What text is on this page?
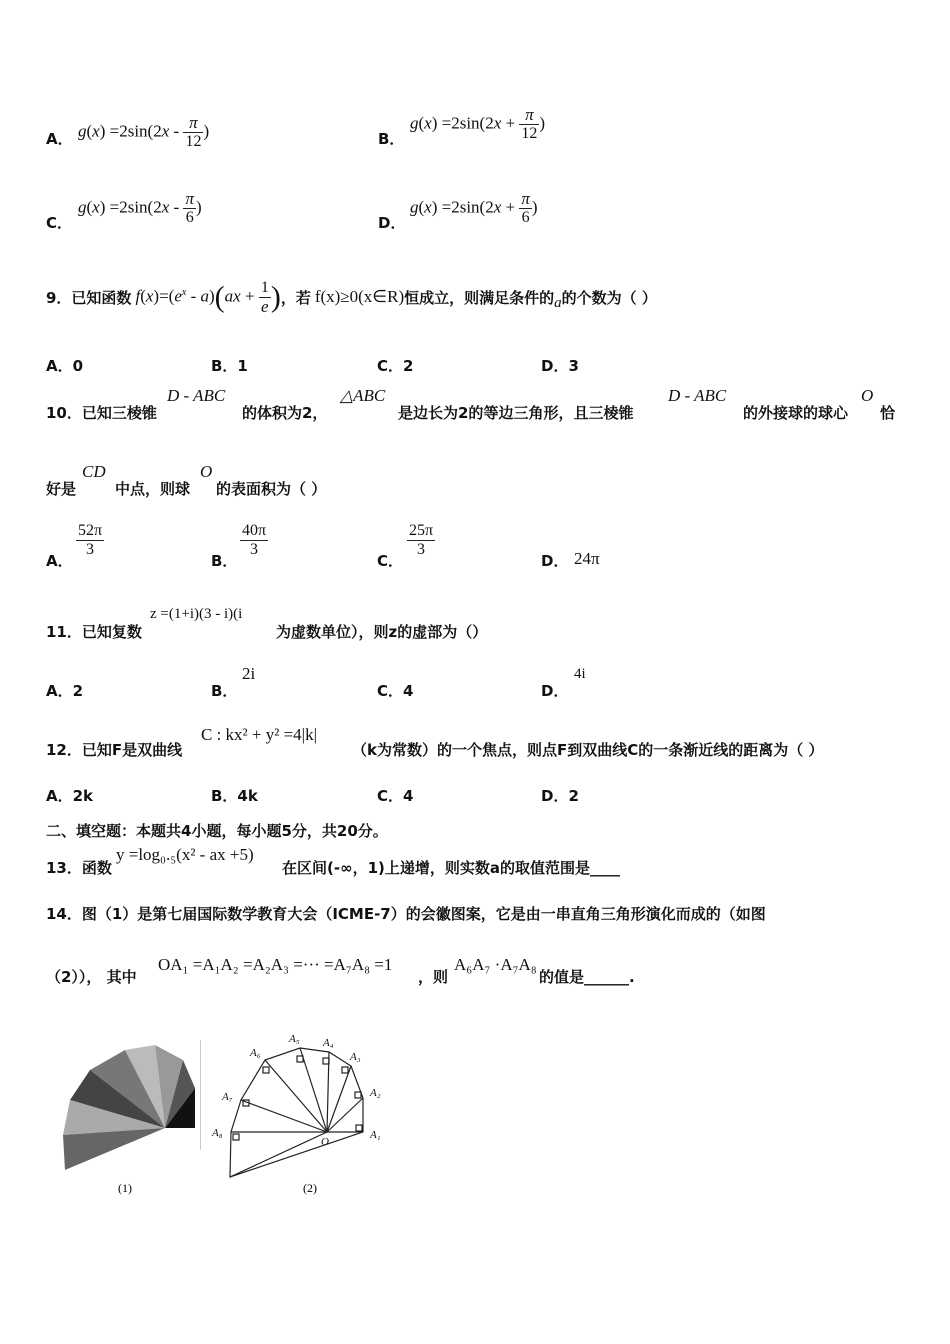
A． $g(x) =2\sin(2x - \frac{\pi}{12}$ )	B．
$g(x) =2\sin(2x + \frac{\pi}{12}$ )
C．
$g(x) =2\sin(2x - \frac{\pi}{6}$ )
D．
$g(x) =2\sin(2x + \frac{\pi}{6}$ )
9．已知函数 $f(x)=(e^x - a)(ax + \frac{1}{e}$ ) ，若 f(x)≥0(x∈R) 恒成立，则满足条件的 a 的个数为（ ）
A．0	B．1	C．2	D．3
10．已知三棱锥
D - ABC
的体积为2，
△ABC
是边长为2的等边三角形，且三棱锥
D - ABC
的外接球的球心
O
恰
好是
CD
中点，则球
O
的表面积为（ ）
A．
$\frac{52\pi}{3}$
B．
$\frac{40\pi}{3}$
C．
$\frac{25\pi}{3}$
D． 24π
11．已知复数
z =(1+i)(3 - i)(i
为虚数单位），则z的虚部为（）
A．2	B．
2i
C．4	D．
4i
12．已知F是双曲线
C : kx² + y² =4|k|
（k为常数）的一个焦点，则点F到双曲线C的一条渐近线的距离为（ ）
A．2k	B．4k	C．4	D．2
二、填空题：本题共4小题，每小题5分，共20分。
13．函数
y =log₀.₅(x² - ax +5)
在区间(-∞，1)上递增，则实数a的取值范围是____
14．图（1）是第七届国际数学教育大会（ICME-7）的会徽图案，它是由一串直角三角形演化而成的（如图
（2））， 其中
OA₁ =A₁A₂ =A₂A₃ =··· =A₇A₈ =1
，则
A₆A₇ ·A₇A₈
的值是______.
(1)
O
A₁
A₂
A₃
A₄
A₅
A₆
A₇
A₈
(2)
